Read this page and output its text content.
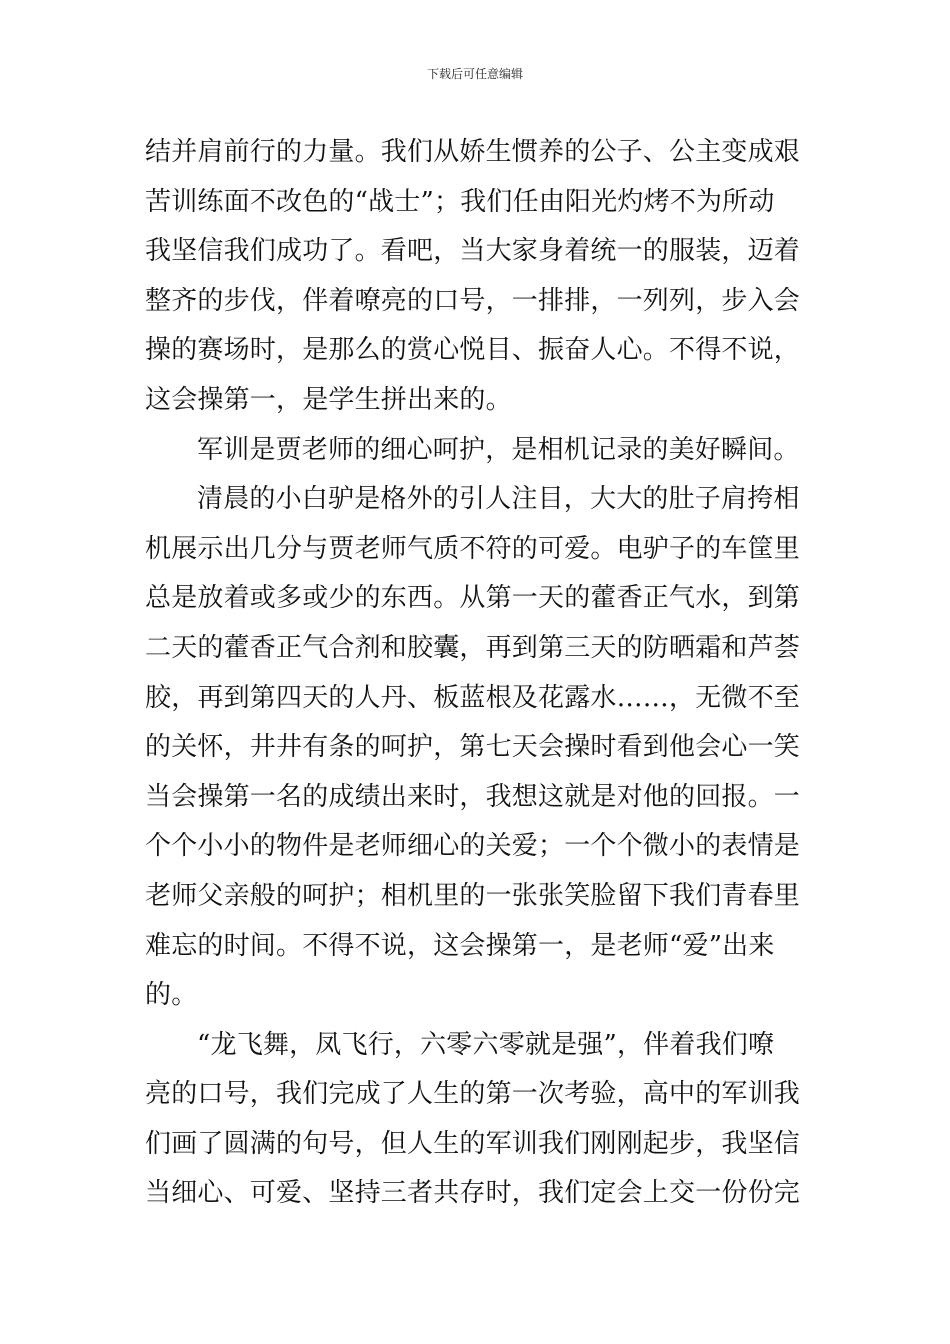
下载后可任意编辑
结并肩前行的力量。我们从娇生惯养的公子、公主变成艰
苦训练面不改色的“战士”；我们任由阳光灼烤不为所动
我坚信我们成功了。看吧，当大家身着统一的服装，迈着
整齐的步伐，伴着嘹亮的口号，一排排，一列列，步入会
操的赛场时，是那么的赏心悦目、振奋人心。不得不说，
这会操第一，是学生拼出来的。
军训是贾老师的细心呵护，是相机记录的美好瞬间。
清晨的小白驴是格外的引人注目，大大的肚子肩挎相
机展示出几分与贾老师气质不符的可爱。电驴子的车筐里
总是放着或多或少的东西。从第一天的藿香正气水，到第
二天的藿香正气合剂和胶囊，再到第三天的防晒霜和芦荟
胶，再到第四天的人丹、板蓝根及花露水……，无微不至
的关怀，井井有条的呵护，第七天会操时看到他会心一笑
当会操第一名的成绩出来时，我想这就是对他的回报。一
个个小小的物件是老师细心的关爱；一个个微小的表情是
老师父亲般的呵护；相机里的一张张笑脸留下我们青春里
难忘的时间。不得不说，这会操第一，是老师“爱”出来
的。
“龙飞舞，凤飞行，六零六零就是强”，伴着我们嘹
亮的口号，我们完成了人生的第一次考验，高中的军训我
们画了圆满的句号，但人生的军训我们刚刚起步，我坚信
当细心、可爱、坚持三者共存时，我们定会上交一份份完
